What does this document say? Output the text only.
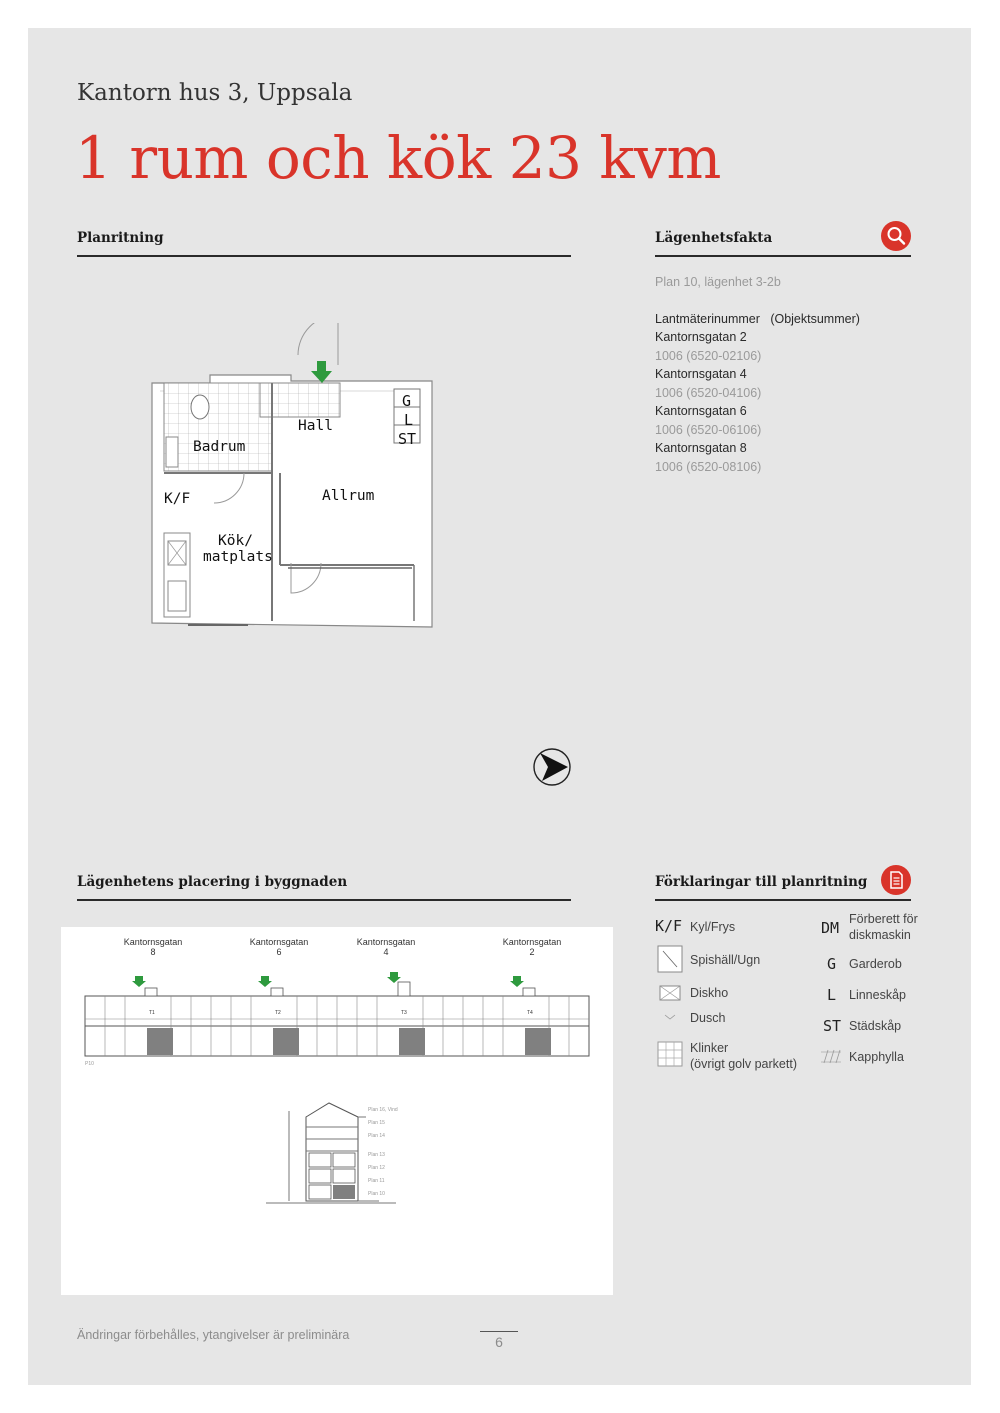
Kantorn hus 3, Uppsala
1 rum och kök 23 kvm
Planritning	Lägenhetsfakta
Plan 10, lägenhet 3-2b
Lantmäterinummer   (Objektsummer)
Kantornsgatan 2
1006 (6520-02106)
Kantornsgatan 4
1006 (6520-04106)
Kantornsgatan 6
1006 (6520-06106)
Kantornsgatan 8
1006 (6520-08106)
Hall
Badrum
Allrum
K/F
Kök/
matplats
G
L
ST
Lägenhetens placering i byggnaden
Kantornsgatan
8
Kantornsgatan
6
Kantornsgatan
4
Kantornsgatan
2
T1	T2	T3	T4
P10
Plan 16, Vind
Plan 15
Plan 14
Plan 13
Plan 12
Plan 11
Plan 10
Förklaringar till planritning
K/F Kyl/Frys
Spishäll/Ugn
Diskho
Dusch
Klinker
(övrigt golv parkett)
DM Förberett för
diskmaskin
G Garderob
L Linneskåp
ST Städskåp
Kapphylla
Ändringar förbehålles, ytangivelser är preliminära	6
